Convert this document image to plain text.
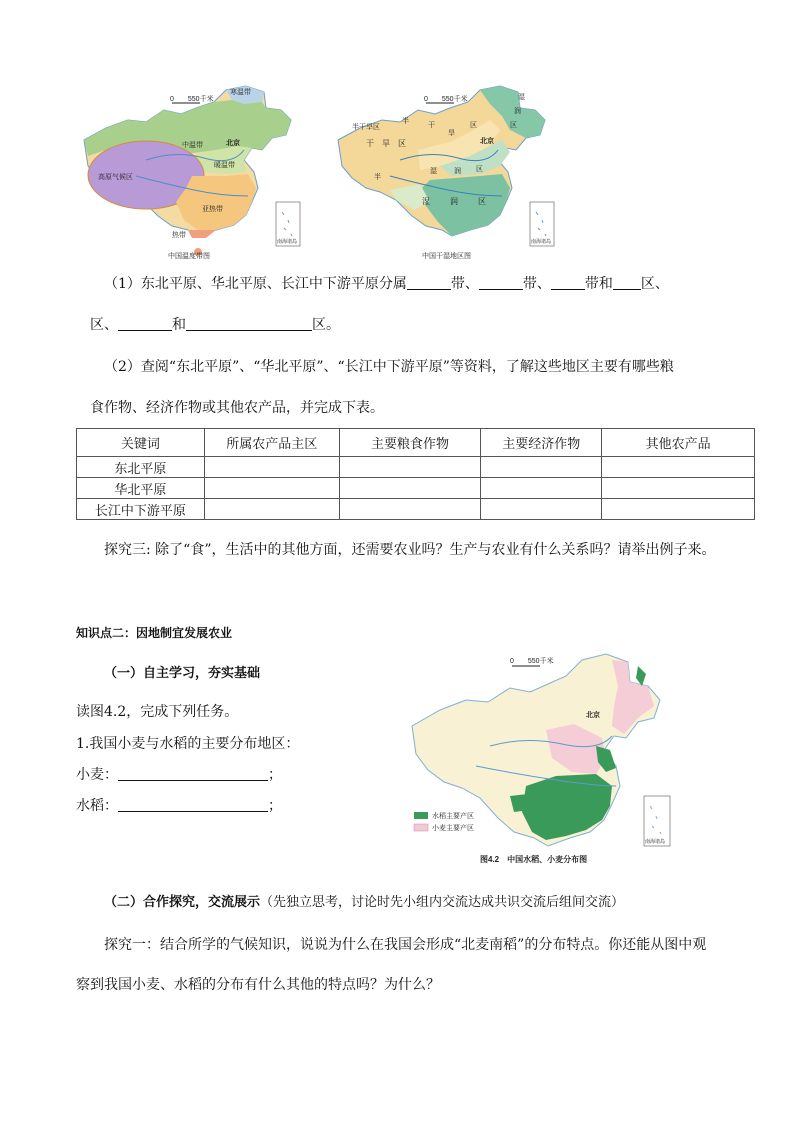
0　　550千米
寒温带
中温带	北京
暖温带
高原气候区
亚热带
热带
南海诸岛
中国温度带图
0　　550千米	湿
润
区
半干旱区
干　旱　区
半
干
旱
区
北京
半
湿 润 区
湿	润	区
南海诸岛
中国干湿地区图
（1）东北平原、华北平原、长江中下游平原分属	带、	带、 带和 区、
区、	和	区。
（2）查阅“东北平原”、“华北平原”、“长江中下游平原”等资料，了解这些地区主要有哪些粮
食作物、经济作物或其他农产品，并完成下表。
关键词	所属农产品主区	主要粮食作物	主要经济作物	其他农产品
东北平原				
华北平原				
长江中下游平原				
探究三: 除了“食”，生活中的其他方面，还需要农业吗？生产与农业有什么关系吗？请举出例子来。
知识点二：因地制宜发展农业
（一）自主学习，夯实基础
读图4.2，完成下列任务。
1.我国小麦与水稻的主要分布地区：
小麦：	；
水稻：	；
0　　550千米
北京
水稻主要产区
小麦主要产区
南海诸岛
图4.2　中国水稻、小麦分布图
（二）合作探究，交流展示（先独立思考，讨论时先小组内交流达成共识交流后组间交流）
探究一：结合所学的气候知识，说说为什么在我国会形成“北麦南稻”的分布特点。你还能从图中观
察到我国小麦、水稻的分布有什么其他的特点吗？为什么？
